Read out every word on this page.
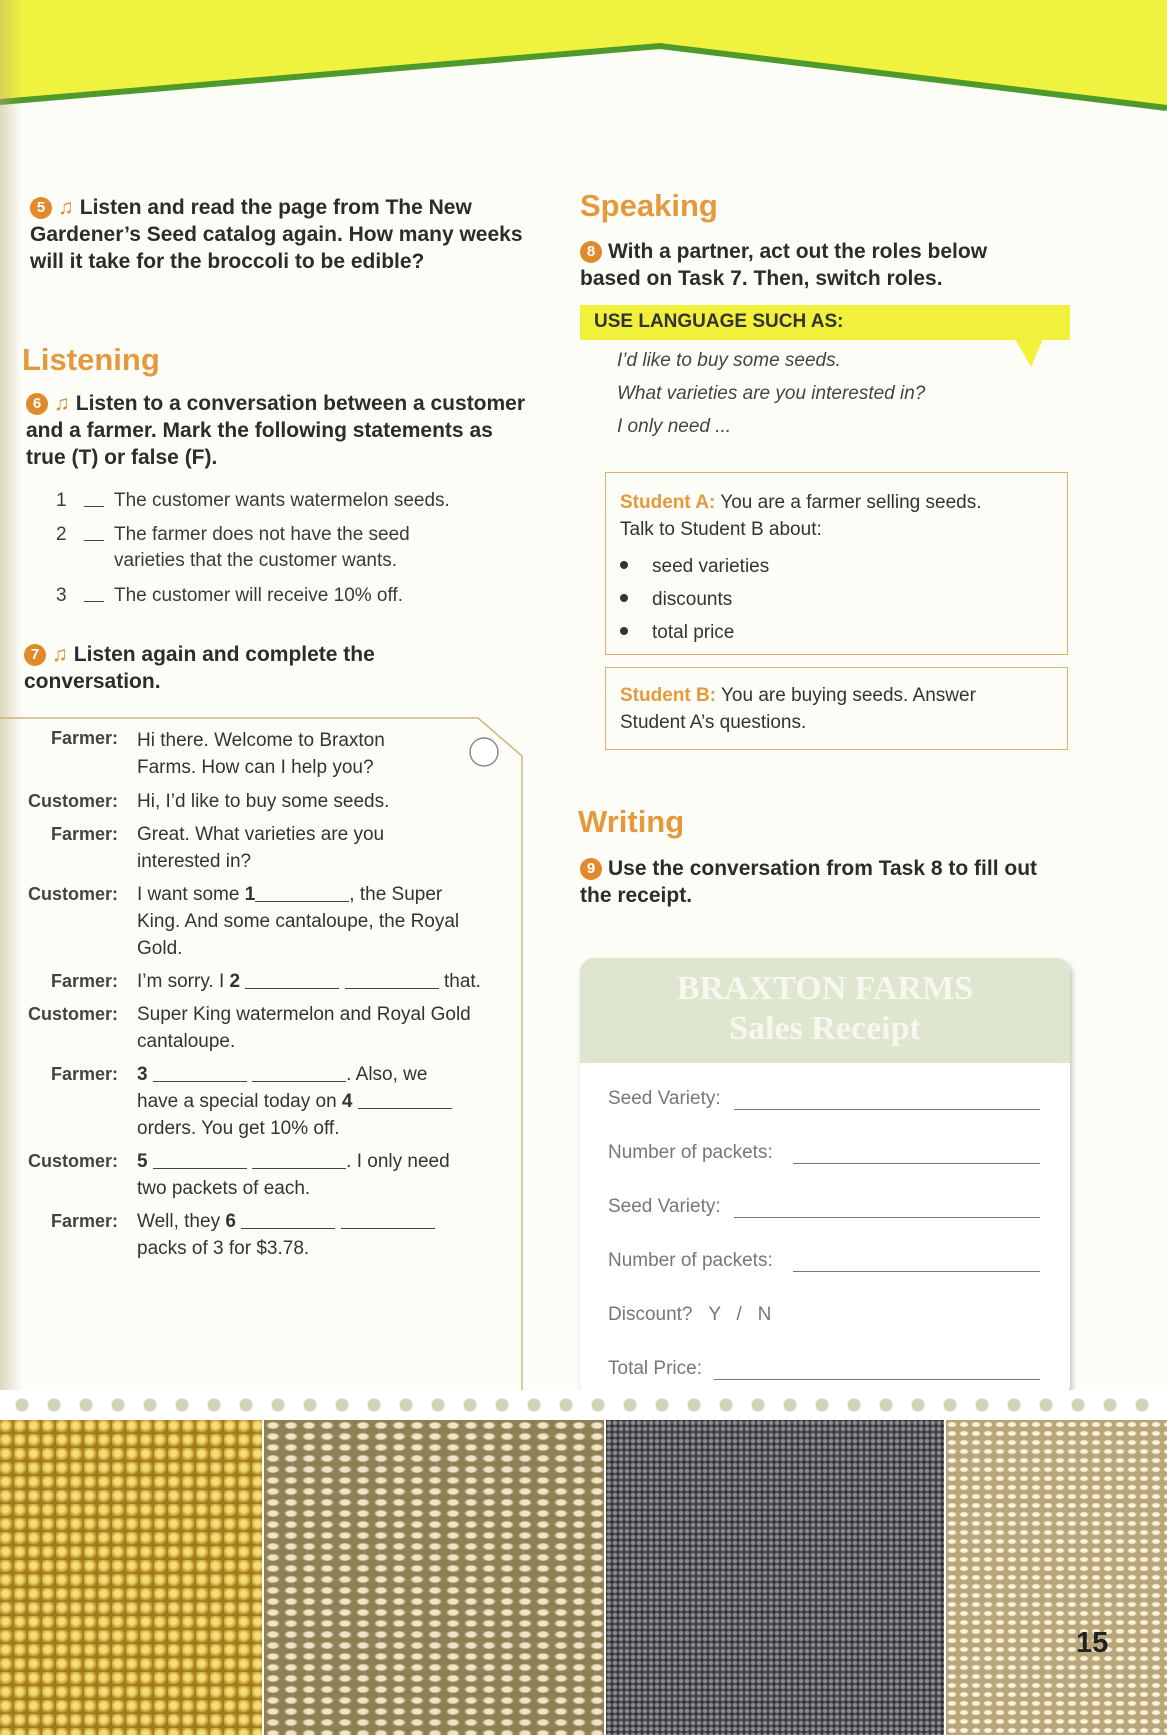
5 ♫ Listen and read the page from The New Gardener’s Seed catalog again. How many weeks will it take for the broccoli to be edible?
Listening
6 ♫ Listen to a conversation between a customer and a farmer. Mark the following statements as true (T) or false (F).
1 The customer wants watermelon seeds.
2 The farmer does not have the seed varieties that the customer wants.
3 The customer will receive 10% off.
7 ♫ Listen again and complete the conversation.
Farmer: Hi there. Welcome to Braxton
Farms. How can I help you?
Customer: Hi, I’d like to buy some seeds.
Farmer: Great. What varieties are you
interested in?
Customer: I want some 1	, the Super
King. And some cantaloupe, the Royal
Gold.
Farmer: I’m sorry. I 2	that.
Customer: Super King watermelon and Royal Gold
cantaloupe.
Farmer: 3	. Also, we
have a special today on 4
orders. You get 10% off.
Customer: 5	. I only need
two packets of each.
Farmer: Well, they 6
packs of 3 for $3.78.
Speaking
8 With a partner, act out the roles below based on Task 7. Then, switch roles.
USE LANGUAGE SUCH AS:
I’d like to buy some seeds.
What varieties are you interested in?
I only need ...
Student A: You are a farmer selling seeds.
Talk to Student B about:
seed varieties
discounts
total price
Student B: You are buying seeds. Answer
Student A’s questions.
Writing
9 Use the conversation from Task 8 to fill out the receipt.
BRAXTON FARMS
Sales Receipt
Seed Variety:
Number of packets:
Seed Variety:
Number of packets:
Discount? Y / N
Total Price:
15
